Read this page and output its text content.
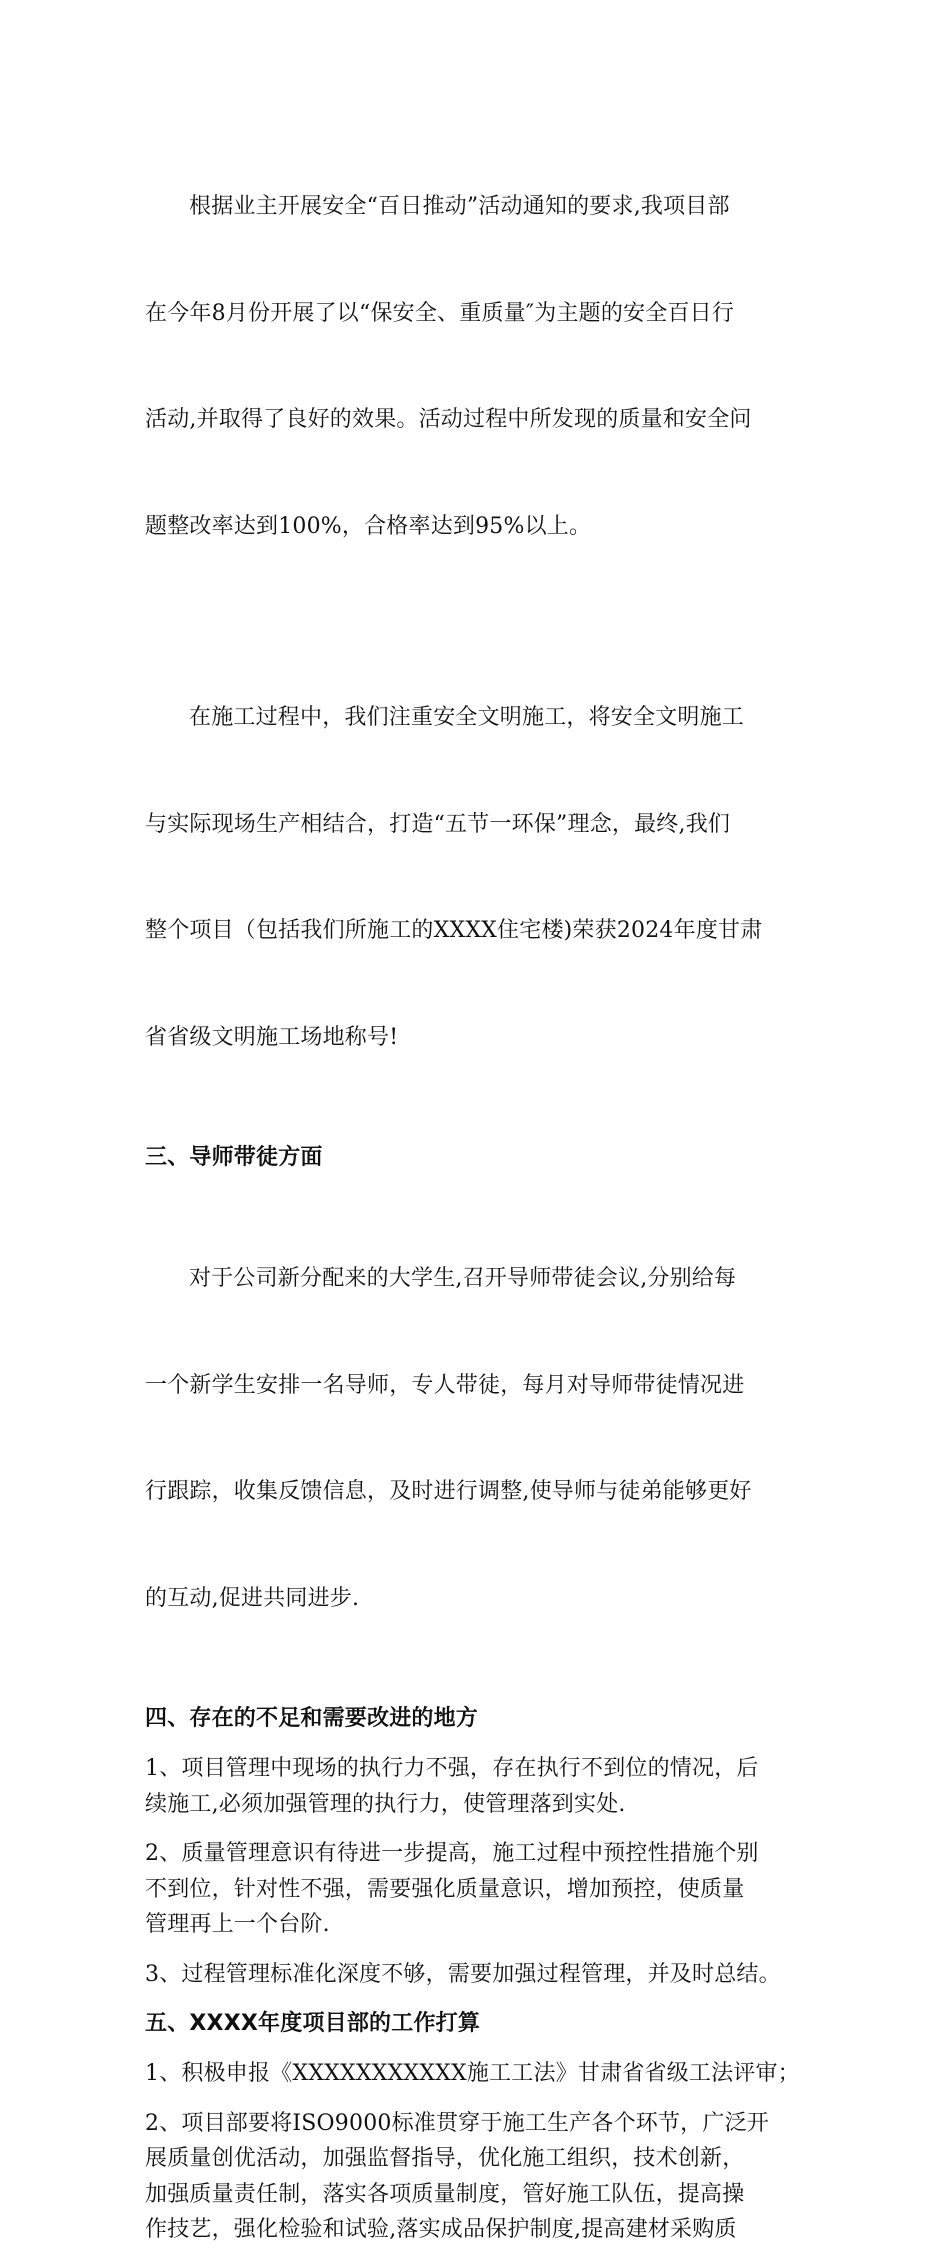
根据业主开展安全“百日推动”活动通知的要求,我项目部

在今年8月份开展了以“保安全、重质量″为主题的安全百日行

活动,并取得了良好的效果。活动过程中所发现的质量和安全问

题整改率达到100%，合格率达到95%以上。

在施工过程中，我们注重安全文明施工，将安全文明施工

与实际现场生产相结合，打造“五节一环保”理念，最终,我们

整个项目（包括我们所施工的XXXX住宅楼)荣获2024年度甘肃

省省级文明施工场地称号!

三、导师带徒方面

对于公司新分配来的大学生,召开导师带徒会议,分别给每

一个新学生安排一名导师，专人带徒，每月对导师带徒情况进

行跟踪，收集反馈信息，及时进行调整,使导师与徒弟能够更好

的互动,促进共同进步.

四、存在的不足和需要改进的地方

1、项目管理中现场的执行力不强，存在执行不到位的情况，后
续施工,必须加强管理的执行力，使管理落到实处.

2、质量管理意识有待进一步提高，施工过程中预控性措施个别
不到位，针对性不强，需要强化质量意识，增加预控，使质量
管理再上一个台阶.

3、过程管理标准化深度不够，需要加强过程管理，并及时总结。

五、XXXX年度项目部的工作打算

1、积极申报《XXXXXXXXXXX施工工法》甘肃省省级工法评审；

2、项目部要将ISO9000标准贯穿于施工生产各个环节，广泛开
展质量创优活动，加强监督指导，优化施工组织，技术创新，
加强质量责任制，落实各项质量制度，管好施工队伍，提高操
作技艺，强化检验和试验,落实成品保护制度,提高建材采购质
